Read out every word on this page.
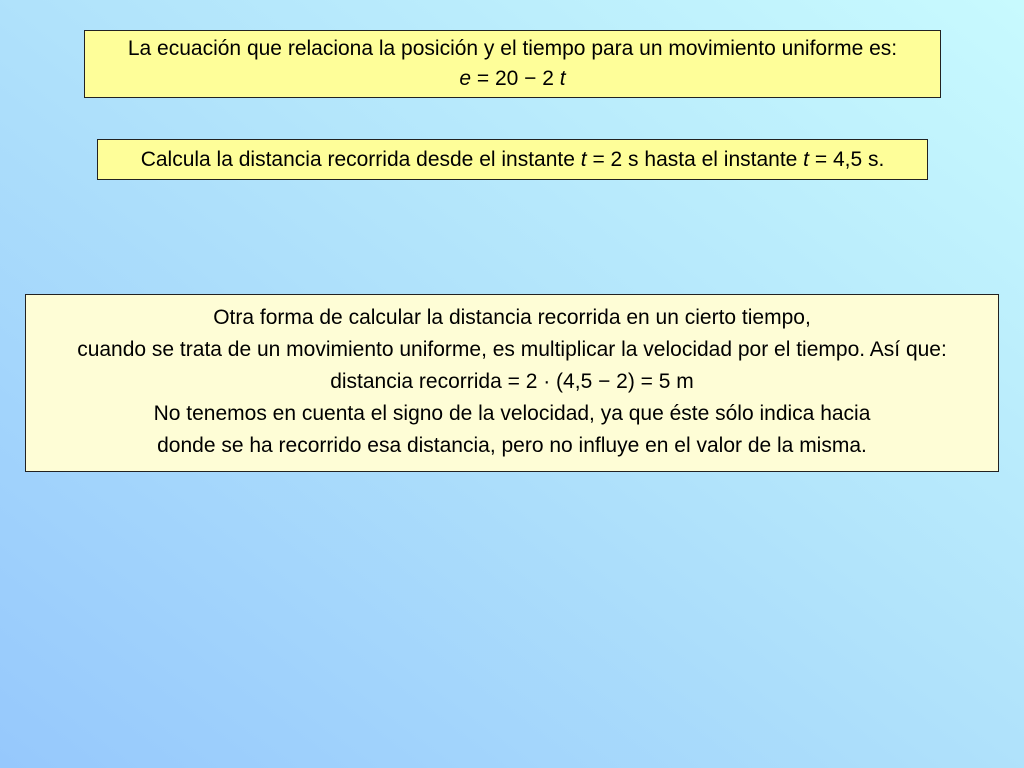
La ecuación que relaciona la posición y el tiempo para un movimiento uniforme es:
e = 20 − 2 t
Calcula la distancia recorrida desde el instante t = 2 s hasta el instante t = 4,5 s.
Otra forma de calcular la distancia recorrida en un cierto tiempo,
cuando se trata de un movimiento uniforme, es multiplicar la velocidad por el tiempo. Así que:
distancia recorrida = 2 · (4,5 − 2) = 5 m
No tenemos en cuenta el signo de la velocidad, ya que éste sólo indica hacia
donde se ha recorrido esa distancia, pero no influye en el valor de la misma.
